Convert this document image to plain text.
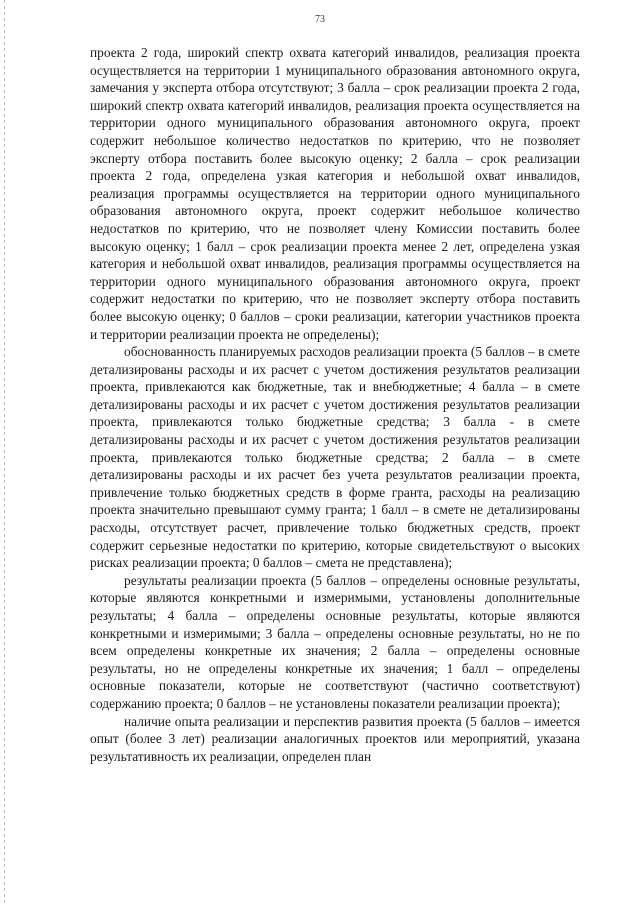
73

проекта 2 года, широкий спектр охвата категорий инвалидов, реализация проекта осуществляется на территории 1 муниципального образования автономного округа, замечания у эксперта отбора отсутствуют; 3 балла – срок реализации проекта 2 года, широкий спектр охвата категорий инвалидов, реализация проекта осуществляется на территории одного муниципального образования автономного округа, проект содержит небольшое количество недостатков по критерию, что не позволяет эксперту отбора поставить более высокую оценку; 2 балла – срок реализации проекта 2 года, определена узкая категория и небольшой охват инвалидов, реализация программы осуществляется на территории одного муниципального образования автономного округа, проект содержит небольшое количество недостатков по критерию, что не позволяет члену Комиссии поставить более высокую оценку; 1 балл – срок реализации проекта менее 2 лет, определена узкая категория и небольшой охват инвалидов, реализация программы осуществляется на территории одного муниципального образования автономного округа, проект содержит недостатки по критерию, что не позволяет эксперту отбора поставить более высокую оценку; 0 баллов – сроки реализации, категории участников проекта и территории реализации проекта не определены);

обоснованность планируемых расходов реализации проекта (5 баллов – в смете детализированы расходы и их расчет с учетом достижения результатов реализации проекта, привлекаются как бюджетные, так и внебюджетные; 4 балла – в смете детализированы расходы и их расчет с учетом достижения результатов реализации проекта, привлекаются только бюджетные средства; 3 балла - в смете детализированы расходы и их расчет с учетом достижения результатов реализации проекта, привлекаются только бюджетные средства; 2 балла – в смете детализированы расходы и их расчет без учета результатов реализации проекта, привлечение только бюджетных средств в форме гранта, расходы на реализацию проекта значительно превышают сумму гранта; 1 балл – в смете не детализированы расходы, отсутствует расчет, привлечение только бюджетных средств, проект содержит серьезные недостатки по критерию, которые свидетельствуют о высоких рисках реализации проекта; 0 баллов – смета не представлена);

результаты реализации проекта (5 баллов – определены основные результаты, которые являются конкретными и измеримыми, установлены дополнительные результаты; 4 балла – определены основные результаты, которые являются конкретными и измеримыми; 3 балла – определены основные результаты, но не по всем определены конкретные их значения; 2 балла – определены основные результаты, но не определены конкретные их значения; 1 балл – определены основные показатели, которые не соответствуют (частично соответствуют) содержанию проекта; 0 баллов – не установлены показатели реализации проекта);

наличие опыта реализации и перспектив развития проекта (5 баллов – имеется опыт (более 3 лет) реализации аналогичных проектов или мероприятий, указана результативность их реализации, определен план
